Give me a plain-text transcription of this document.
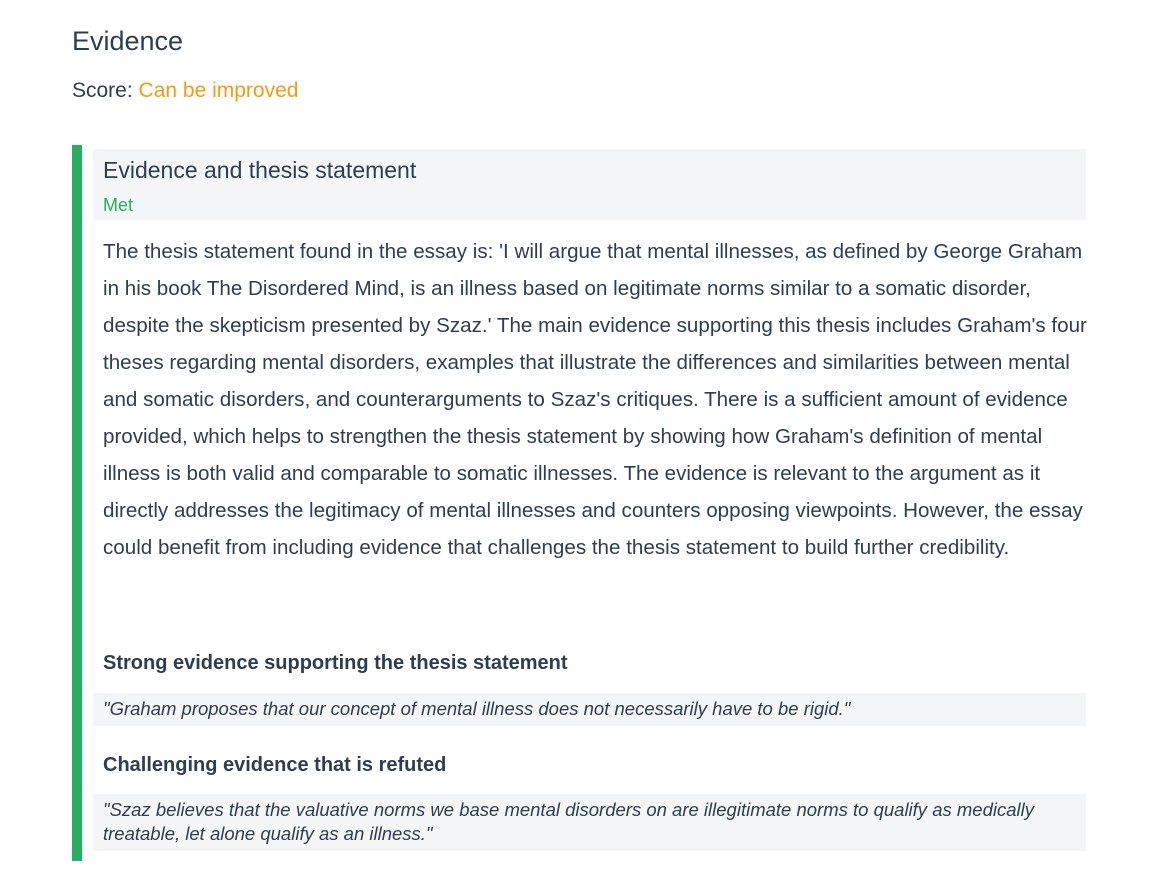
Evidence
Score: Can be improved
Evidence and thesis statement
Met

The thesis statement found in the essay is: 'I will argue that mental illnesses, as defined by George Graham in his book The Disordered Mind, is an illness based on legitimate norms similar to a somatic disorder, despite the skepticism presented by Szaz.' The main evidence supporting this thesis includes Graham's four theses regarding mental disorders, examples that illustrate the differences and similarities between mental and somatic disorders, and counterarguments to Szaz's critiques. There is a sufficient amount of evidence provided, which helps to strengthen the thesis statement by showing how Graham's definition of mental illness is both valid and comparable to somatic illnesses. The evidence is relevant to the argument as it directly addresses the legitimacy of mental illnesses and counters opposing viewpoints. However, the essay could benefit from including evidence that challenges the thesis statement to build further credibility.

Strong evidence supporting the thesis statement
"Graham proposes that our concept of mental illness does not necessarily have to be rigid."
Challenging evidence that is refuted
"Szaz believes that the valuative norms we base mental disorders on are illegitimate norms to qualify as medically treatable, let alone qualify as an illness."
